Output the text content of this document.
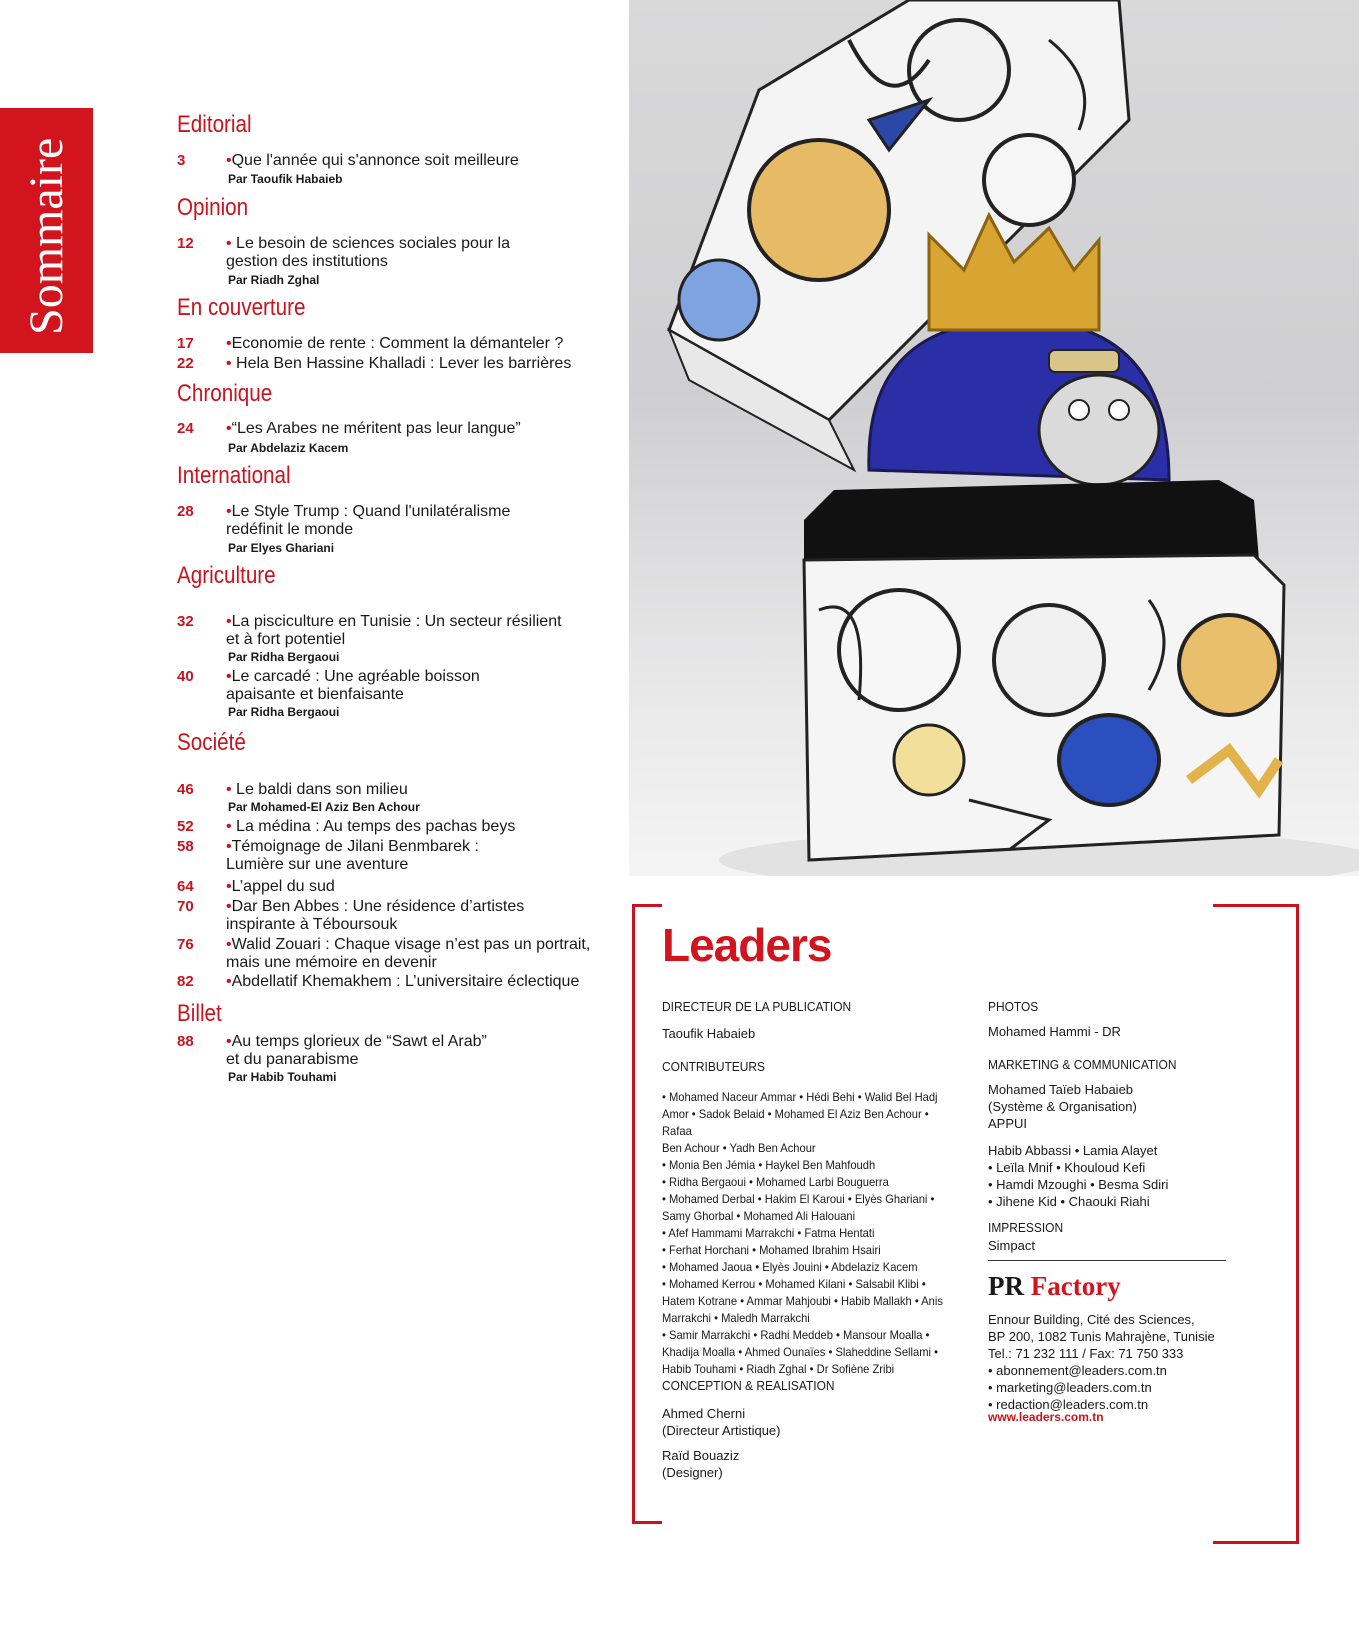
Sommaire
Editorial
3	•Que l'année qui s'annonce soit meilleure
Par Taoufik Habaieb
Opinion
12 • Le besoin de sciences sociales pour la gestion des institutions
Par Riadh Zghal
En couverture
17 •Economie de rente : Comment la démanteler ?
22 • Hela Ben Hassine Khalladi : Lever les barrières
Chronique
24 •“Les Arabes ne méritent pas leur langue”
Par Abdelaziz Kacem
International
28 •Le Style Trump : Quand l'unilatéralisme redéfinit le monde
Par Elyes Ghariani
Agriculture
32 •La pisciculture en Tunisie : Un secteur résilient et à fort potentiel
Par Ridha Bergaoui
40 •Le carcadé : Une agréable boisson apaisante et bienfaisante
Par Ridha Bergaoui
Société
46 • Le baldi dans son milieu
Par Mohamed-El Aziz Ben Achour
52 • La médina : Au temps des pachas beys
58 •Témoignage de Jilani Benmbarek :
Lumière sur une aventure
64 •L’appel du sud
70 •Dar Ben Abbes : Une résidence d’artistes inspirante à Téboursouk
76 •Walid Zouari : Chaque visage n’est pas un portrait, mais une mémoire en devenir
82 •Abdellatif Khemakhem : L’universitaire éclectique
Billet
88 •Au temps glorieux de “Sawt el Arab” et du panarabisme
Par Habib Touhami
Leaders
DIRECTEUR DE LA PUBLICATION
Taoufik Habaieb
CONTRIBUTEURS
• Mohamed Naceur Ammar • Hédi Behi • Walid Bel Hadj
Amor • Sadok Belaid • Mohamed El Aziz Ben Achour • Rafaa
Ben Achour • Yadh Ben Achour
• Monia Ben Jémia • Haykel Ben Mahfoudh
• Ridha Bergaoui • Mohamed Larbi Bouguerra
• Mohamed Derbal • Hakim El Karoui • Elyès Ghariani •
Samy Ghorbal • Mohamed Ali Halouani
• Afef Hammami Marrakchi • Fatma Hentati
• Ferhat Horchani • Mohamed Ibrahim Hsairi
• Mohamed Jaoua • Elyès Jouini • Abdelaziz Kacem
• Mohamed Kerrou • Mohamed Kilani • Salsabil Klibi •
Hatem Kotrane • Ammar Mahjoubi • Habib Mallakh • Anis
Marrakchi • Maledh Marrakchi
• Samir Marrakchi • Radhi Meddeb • Mansour Moalla •
Khadija Moalla • Ahmed Ounaïes • Slaheddine Sellami •
Habib Touhami • Riadh Zghal • Dr Sofiène Zribi
CONCEPTION & REALISATION
Ahmed Cherni
(Directeur Artistique)
Raïd Bouaziz
(Designer)
PHOTOS
Mohamed Hammi - DR
MARKETING & COMMUNICATION
Mohamed Taïeb Habaieb
(Système & Organisation)
APPUI
Habib Abbassi • Lamia Alayet
• Leïla Mnif • Khouloud Kefi
• Hamdi Mzoughi • Besma Sdiri
• Jihene Kid • Chaouki Riahi
IMPRESSION
Simpact
PR Factory
Ennour Building, Cité des Sciences,
BP 200, 1082 Tunis Mahrajène, Tunisie
Tel.: 71 232 111 / Fax: 71 750 333
• abonnement@leaders.com.tn
• marketing@leaders.com.tn
• redaction@leaders.com.tn
www.leaders.com.tn
